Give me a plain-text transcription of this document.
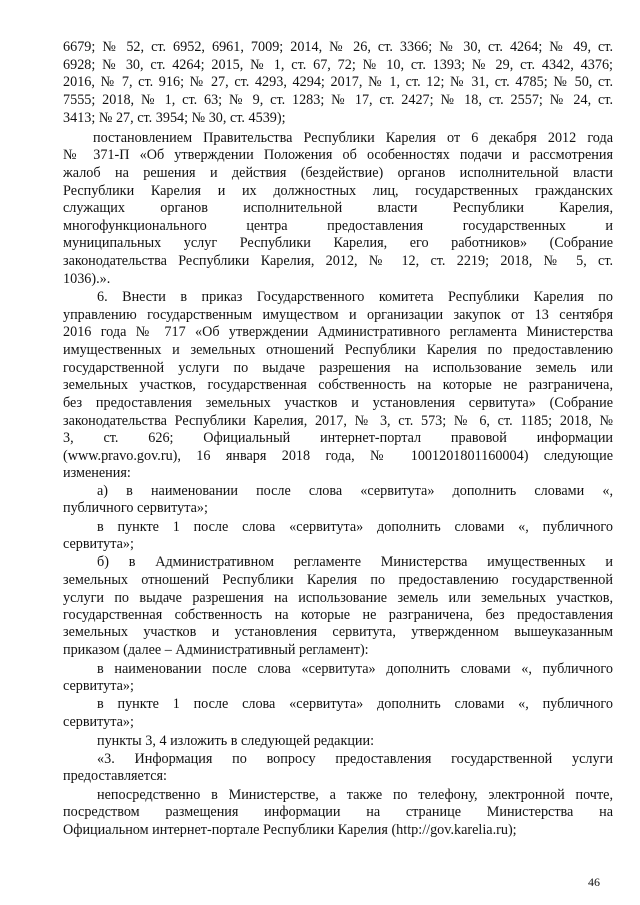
6679; № 52, ст. 6952, 6961, 7009; 2014, № 26, ст. 3366; № 30, ст. 4264; № 49, ст.
6928; № 30, ст. 4264; 2015, № 1, ст. 67, 72; № 10, ст. 1393; № 29, ст. 4342, 4376;
2016, № 7, ст. 916; № 27, ст. 4293, 4294; 2017, № 1, ст. 12; № 31, ст. 4785; № 50, ст.
7555; 2018, № 1, ст. 63; № 9, ст. 1283; № 17, ст. 2427; № 18, ст. 2557; № 24, ст.
3413; № 27, ст. 3954; № 30, ст. 4539);
постановлением Правительства Республики Карелия от 6 декабря 2012 года
№ 371-П «Об утверждении Положения об особенностях подачи и рассмотрения
жалоб на решения и действия (бездействие) органов исполнительной власти
Республики Карелия и их должностных лиц, государственных гражданских
служащих органов исполнительной власти Республики Карелия,
многофункционального центра предоставления государственных и
муниципальных услуг Республики Карелия, его работников» (Собрание
законодательства Республики Карелия, 2012, № 12, ст. 2219; 2018, № 5, ст.
1036).».
6. Внести в приказ Государственного комитета Республики Карелия по
управлению государственным имуществом и организации закупок от 13 сентября
2016 года № 717 «Об утверждении Административного регламента Министерства
имущественных и земельных отношений Республики Карелия по предоставлению
государственной услуги по выдаче разрешения на использование земель или
земельных участков, государственная собственность на которые не разграничена,
без предоставления земельных участков и установления сервитута» (Собрание
законодательства Республики Карелия, 2017, № 3, ст. 573; № 6, ст. 1185; 2018, №
3, ст. 626; Официальный интернет-портал правовой информации
(www.pravo.gov.ru), 16 января 2018 года, № 1001201801160004) следующие
изменения:
а) в наименовании после слова «сервитута» дополнить словами «,
публичного сервитута»;
в пункте 1 после слова «сервитута» дополнить словами «, публичного
сервитута»;
б) в Административном регламенте Министерства имущественных и
земельных отношений Республики Карелия по предоставлению государственной
услуги по выдаче разрешения на использование земель или земельных участков,
государственная собственность на которые не разграничена, без предоставления
земельных участков и установления сервитута, утвержденном вышеуказанным
приказом (далее – Административный регламент):
в наименовании после слова «сервитута» дополнить словами «, публичного
сервитута»;
в пункте 1 после слова «сервитута» дополнить словами «, публичного
сервитута»;
пункты 3, 4 изложить в следующей редакции:
«3. Информация по вопросу предоставления государственной услуги
предоставляется:
непосредственно в Министерстве, а также по телефону, электронной почте,
посредством размещения информации на странице Министерства на
Официальном интернет-портале Республики Карелия (http://gov.karelia.ru);
46
